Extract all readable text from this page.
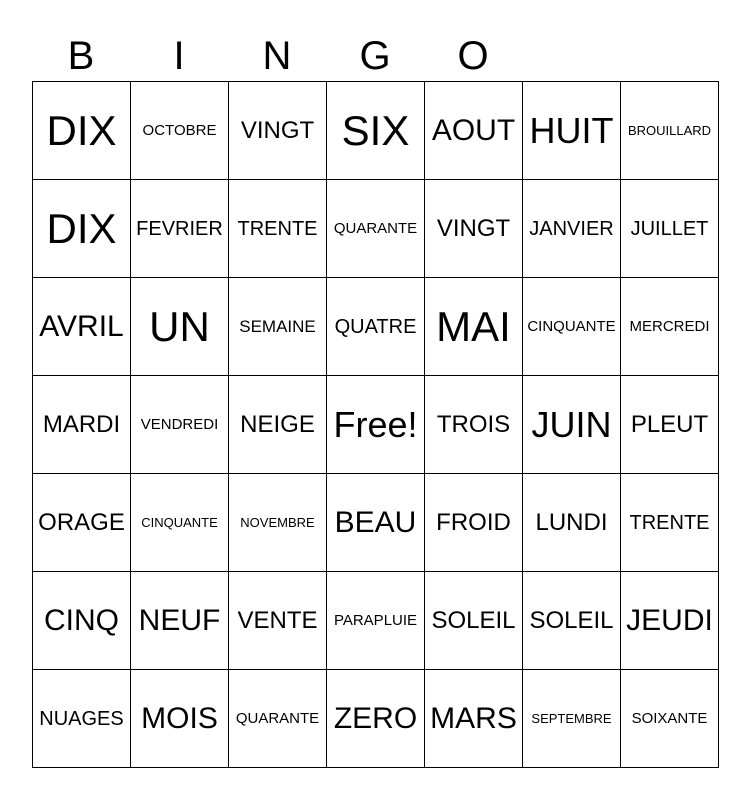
B	I	N	G	O
DIX	OCTOBRE	VINGT	SIX	AOUT	HUIT	BROUILLARD
DIX	FEVRIER	TRENTE	QUARANTE	VINGT	JANVIER	JUILLET
AVRIL	UN	SEMAINE	QUATRE	MAI	CINQUANTE	MERCREDI
MARDI	VENDREDI	NEIGE	Free!	TROIS	JUIN	PLEUT
ORAGE	CINQUANTE	NOVEMBRE	BEAU	FROID	LUNDI	TRENTE
CINQ	NEUF	VENTE	PARAPLUIE	SOLEIL	SOLEIL	JEUDI
NUAGES	MOIS	QUARANTE	ZERO	MARS	SEPTEMBRE	SOIXANTE
